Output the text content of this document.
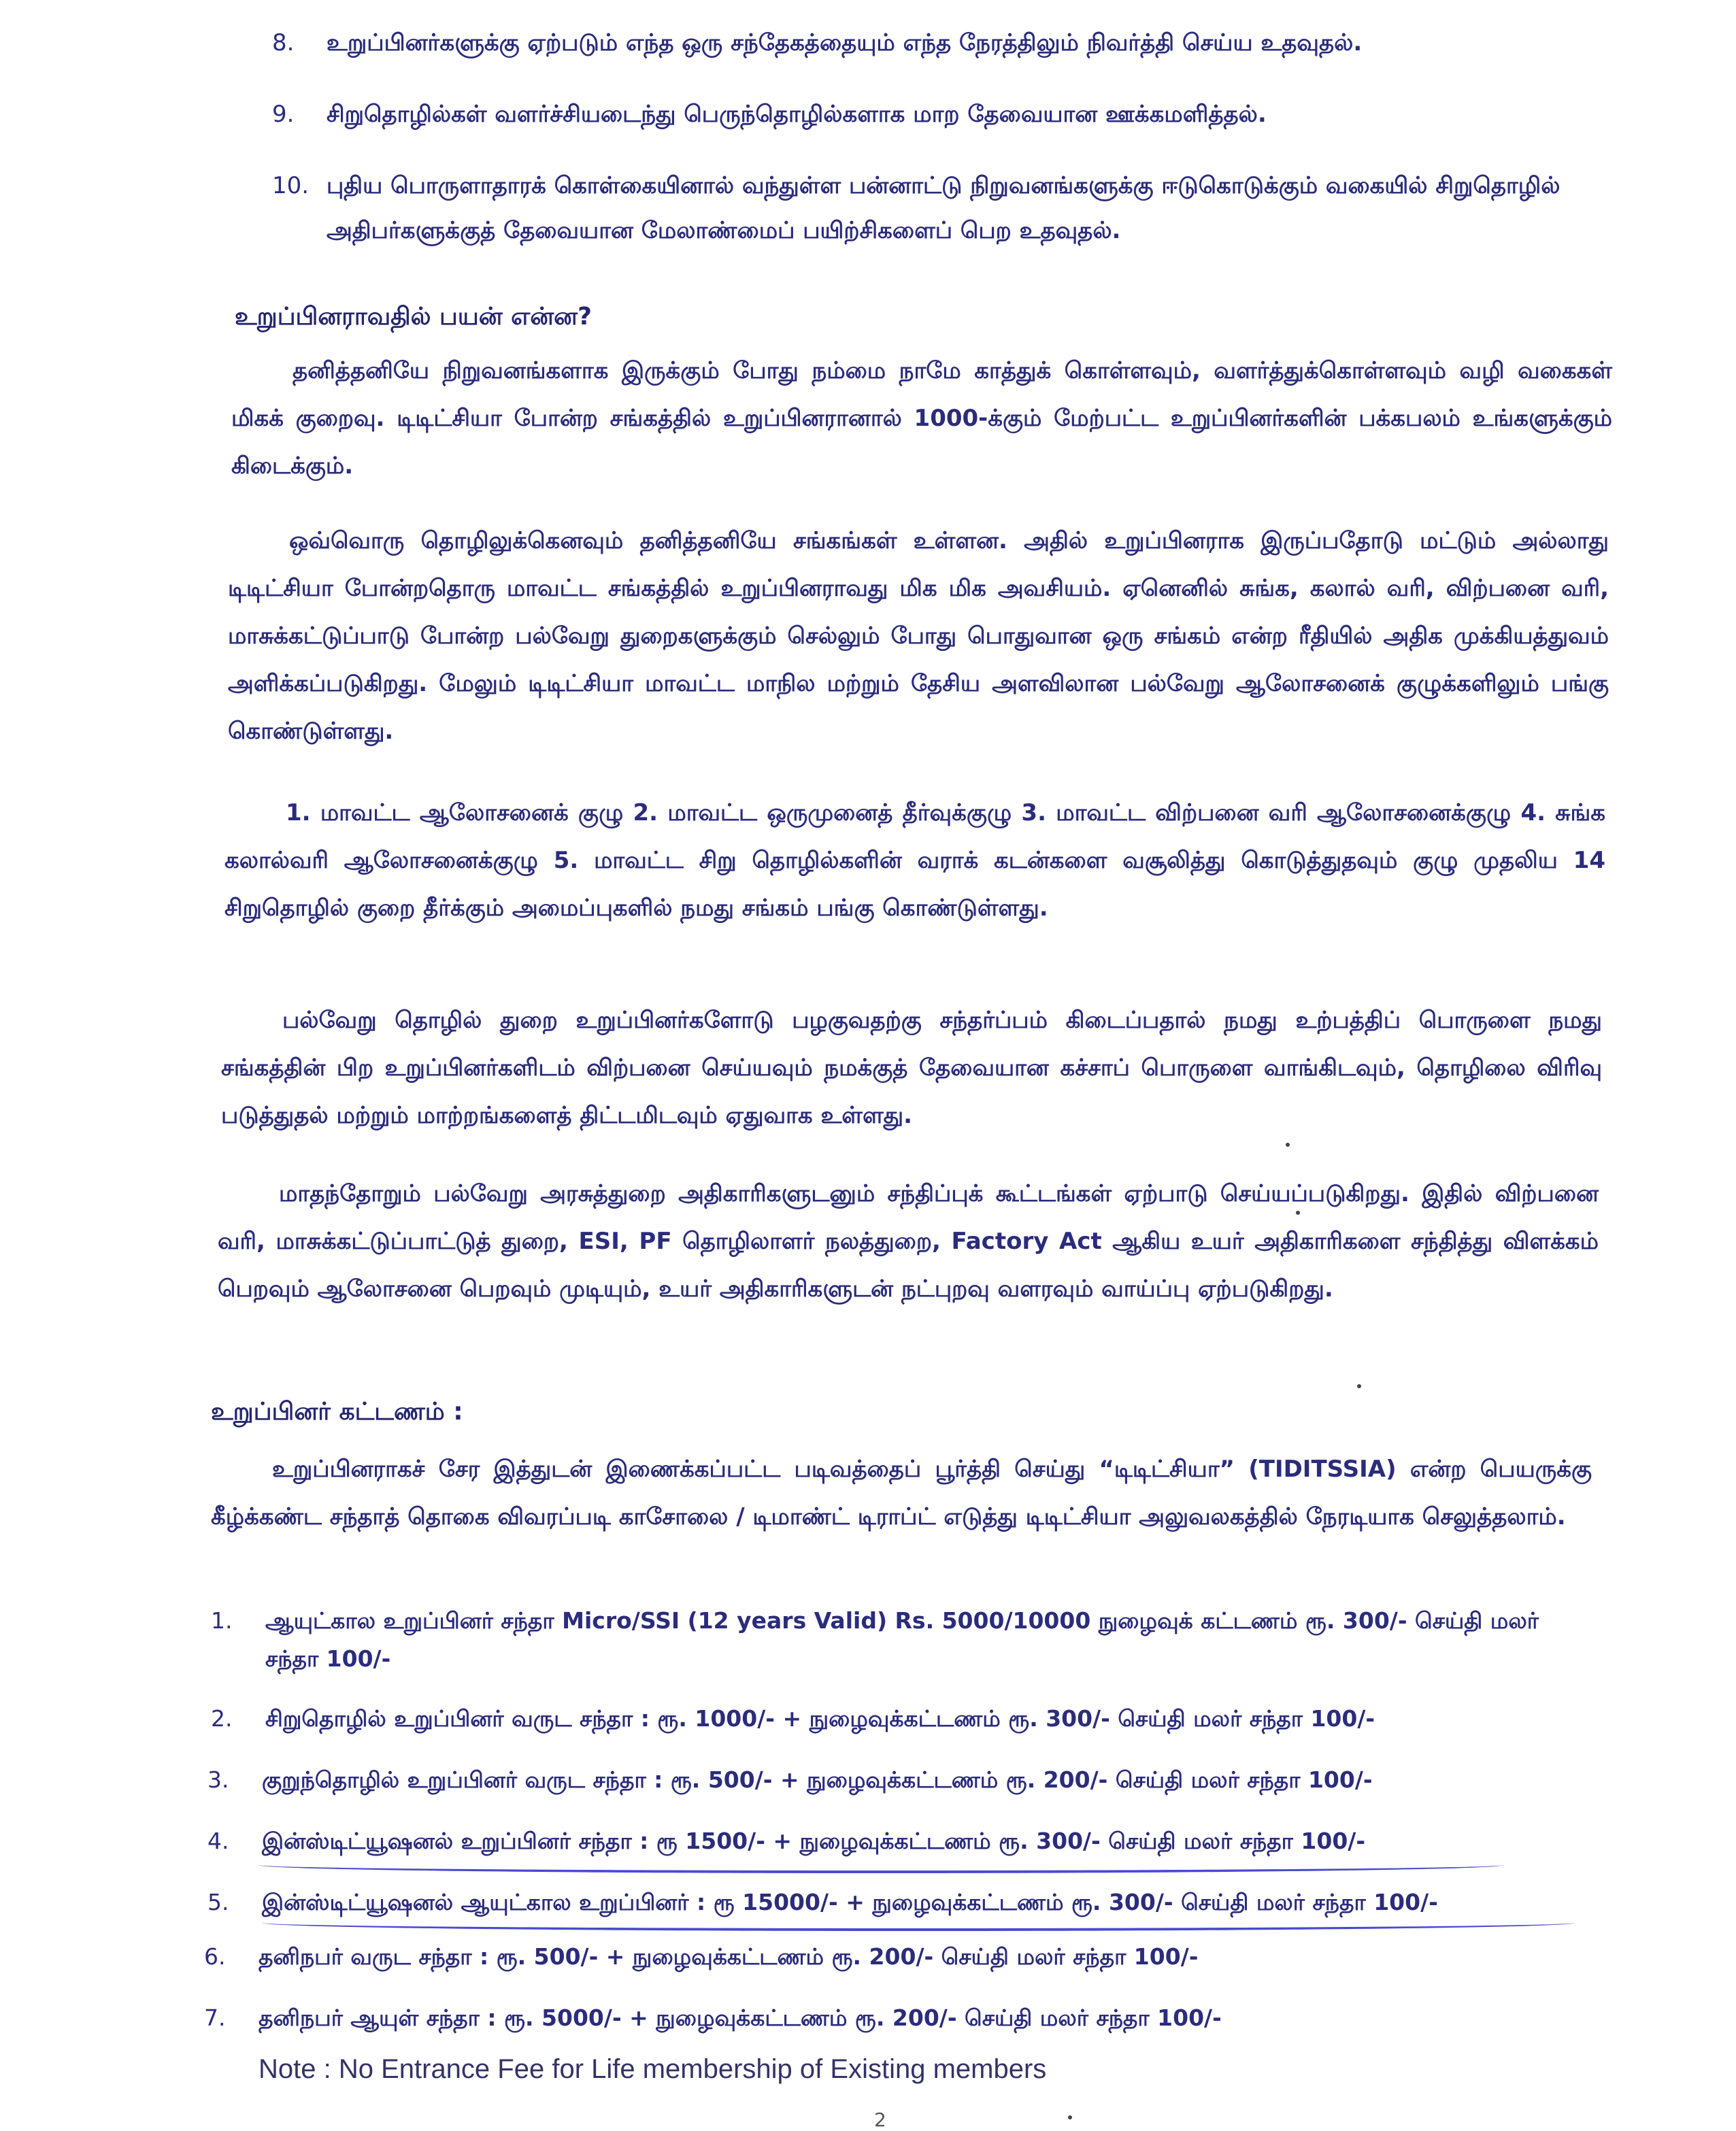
8. உறுப்பினர்களுக்கு ஏற்படும் எந்த ஒரு சந்தேகத்தையும் எந்த நேரத்திலும் நிவர்த்தி செய்ய உதவுதல்.
9. சிறுதொழில்கள் வளர்ச்சியடைந்து பெருந்தொழில்களாக மாற தேவையான ஊக்கமளித்தல்.
10. புதிய பொருளாதாரக் கொள்கையினால் வந்துள்ள பன்னாட்டு நிறுவனங்களுக்கு ஈடுகொடுக்கும் வகையில் சிறுதொழில் அதிபர்களுக்குத் தேவையான மேலாண்மைப் பயிற்சிகளைப் பெற உதவுதல்.
உறுப்பினராவதில் பயன் என்ன?
தனித்தனியே நிறுவனங்களாக இருக்கும் போது நம்மை நாமே காத்துக் கொள்ளவும், வளர்த்துக்கொள்ளவும் வழி வகைகள் மிகக் குறைவு. டிடிட்சியா போன்ற சங்கத்தில் உறுப்பினரானால் 1000-க்கும் மேற்பட்ட உறுப்பினர்களின் பக்கபலம் உங்களுக்கும் கிடைக்கும்.
ஒவ்வொரு தொழிலுக்கெனவும் தனித்தனியே சங்கங்கள் உள்ளன. அதில் உறுப்பினராக இருப்பதோடு மட்டும் அல்லாது டிடிட்சியா போன்றதொரு மாவட்ட சங்கத்தில் உறுப்பினராவது மிக மிக அவசியம். ஏனெனில் சுங்க, கலால் வரி, விற்பனை வரி, மாசுக்கட்டுப்பாடு போன்ற பல்வேறு துறைகளுக்கும் செல்லும் போது பொதுவான ஒரு சங்கம் என்ற ரீதியில் அதிக முக்கியத்துவம் அளிக்கப்படுகிறது. மேலும் டிடிட்சியா மாவட்ட மாநில மற்றும் தேசிய அளவிலான பல்வேறு ஆலோசனைக் குழுக்களிலும் பங்கு கொண்டுள்ளது.
1. மாவட்ட ஆலோசனைக் குழு 2. மாவட்ட ஒருமுனைத் தீர்வுக்குழு 3. மாவட்ட விற்பனை வரி ஆலோசனைக்குழு 4. சுங்க கலால்வரி ஆலோசனைக்குழு 5. மாவட்ட சிறு தொழில்களின் வராக் கடன்களை வசூலித்து கொடுத்துதவும் குழு முதலிய 14 சிறுதொழில் குறை தீர்க்கும் அமைப்புகளில் நமது சங்கம் பங்கு கொண்டுள்ளது.
பல்வேறு தொழில் துறை உறுப்பினர்களோடு பழகுவதற்கு சந்தர்ப்பம் கிடைப்பதால் நமது உற்பத்திப் பொருளை நமது சங்கத்தின் பிற உறுப்பினர்களிடம் விற்பனை செய்யவும் நமக்குத் தேவையான கச்சாப் பொருளை வாங்கிடவும், தொழிலை விரிவு படுத்துதல் மற்றும் மாற்றங்களைத் திட்டமிடவும் ஏதுவாக உள்ளது.
மாதந்தோறும் பல்வேறு அரசுத்துறை அதிகாரிகளுடனும் சந்திப்புக் கூட்டங்கள் ஏற்பாடு செய்யப்படுகிறது. இதில் விற்பனை வரி, மாசுக்கட்டுப்பாட்டுத் துறை, ESI, PF தொழிலாளர் நலத்துறை, Factory Act ஆகிய உயர் அதிகாரிகளை சந்தித்து விளக்கம் பெறவும் ஆலோசனை பெறவும் முடியும், உயர் அதிகாரிகளுடன் நட்புறவு வளரவும் வாய்ப்பு ஏற்படுகிறது.
உறுப்பினர் கட்டணம் :
உறுப்பினராகச் சேர இத்துடன் இணைக்கப்பட்ட படிவத்தைப் பூர்த்தி செய்து “டிடிட்சியா” (TIDITSSIA) என்ற பெயருக்கு கீழ்க்கண்ட சந்தாத் தொகை விவரப்படி காசோலை / டிமாண்ட் டிராப்ட் எடுத்து டிடிட்சியா அலுவலகத்தில் நேரடியாக செலுத்தலாம்.
1. ஆயுட்கால உறுப்பினர் சந்தா Micro/SSI (12 years Valid) Rs. 5000/10000 நுழைவுக் கட்டணம் ரூ. 300/- செய்தி மலர் சந்தா 100/-
2. சிறுதொழில் உறுப்பினர் வருட சந்தா : ரூ. 1000/- + நுழைவுக்கட்டணம் ரூ. 300/- செய்தி மலர் சந்தா 100/-
3. குறுந்தொழில் உறுப்பினர் வருட சந்தா : ரூ. 500/- + நுழைவுக்கட்டணம் ரூ. 200/- செய்தி மலர் சந்தா 100/-
4. இன்ஸ்டிட்யூஷனல் உறுப்பினர் சந்தா : ரூ 1500/- + நுழைவுக்கட்டணம் ரூ. 300/- செய்தி மலர் சந்தா 100/-
5. இன்ஸ்டிட்யூஷனல் ஆயுட்கால உறுப்பினர் : ரூ 15000/- + நுழைவுக்கட்டணம் ரூ. 300/- செய்தி மலர் சந்தா 100/-
6. தனிநபர் வருட சந்தா : ரூ. 500/- + நுழைவுக்கட்டணம் ரூ. 200/- செய்தி மலர் சந்தா 100/-
7. தனிநபர் ஆயுள் சந்தா : ரூ. 5000/- + நுழைவுக்கட்டணம் ரூ. 200/- செய்தி மலர் சந்தா 100/-
Note : No Entrance Fee for Life membership of Existing members
2
